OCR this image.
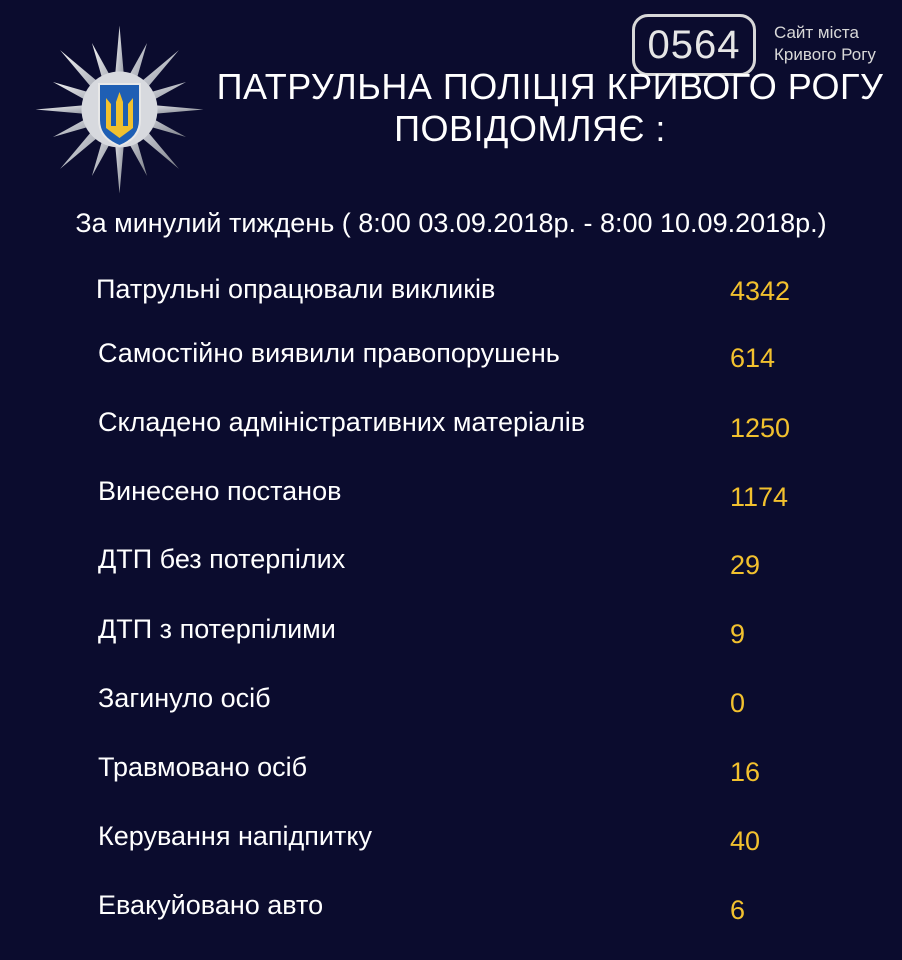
0564	Сайт міста
Кривого Рогу
ПАТРУЛЬНА ПОЛІЦІЯ КРИВОГО РОГУ
ПОВІДОМЛЯЄ :
За минулий тиждень ( 8:00 03.09.2018р. - 8:00 10.09.2018р.)
Патрульні опрацювали викликів	4342
Самостійно виявили правопорушень	614
Складено адміністративних матеріалів	1250
Винесено постанов	1174
ДТП без потерпілих	29
ДТП з потерпілими	9
Загинуло осіб	0
Травмовано осіб	16
Керування напідпитку	40
Евакуйовано авто	6
